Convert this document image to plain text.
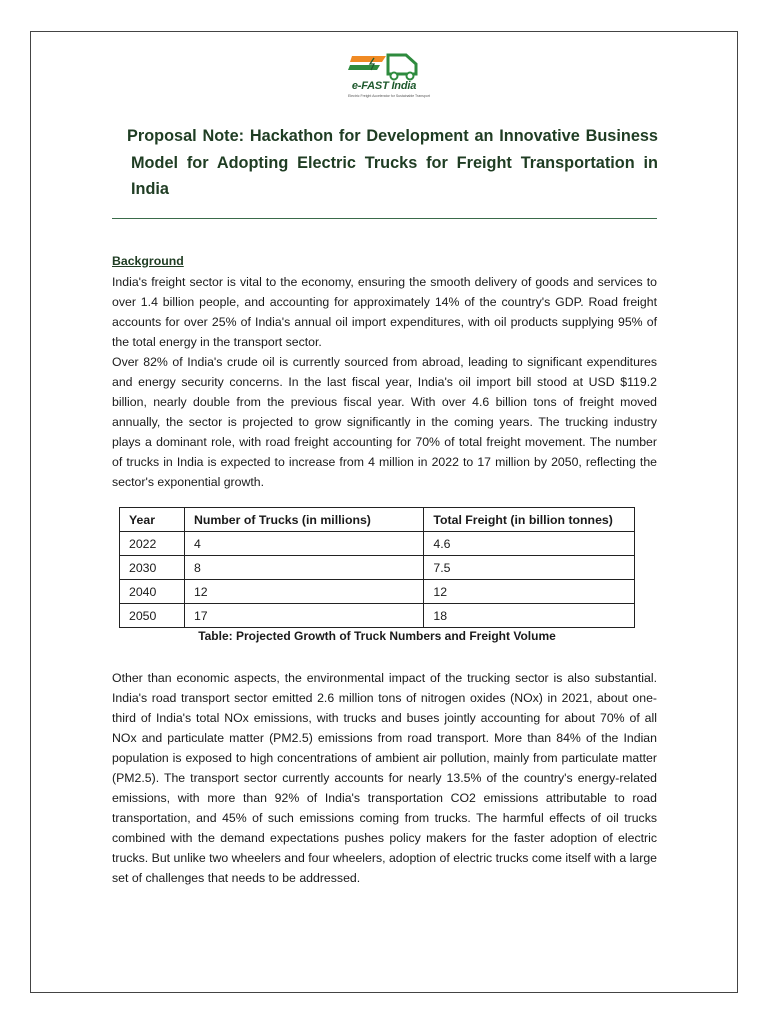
e-FAST India
Electric Freight Accelerator for Sustainable Transport
Proposal Note: Hackathon for Development an Innovative Business Model for Adopting Electric Trucks for Freight Transportation in India
Background

India's freight sector is vital to the economy, ensuring the smooth delivery of goods and services to over 1.4 billion people, and accounting for approximately 14% of the country's GDP. Road freight accounts for over 25% of India's annual oil import expenditures, with oil products supplying 95% of the total energy in the transport sector.

Over 82% of India's crude oil is currently sourced from abroad, leading to significant expenditures and energy security concerns. In the last fiscal year, India's oil import bill stood at USD $119.2 billion, nearly double from the previous fiscal year. With over 4.6 billion tons of freight moved annually, the sector is projected to grow significantly in the coming years. The trucking industry plays a dominant role, with road freight accounting for 70% of total freight movement. The number of trucks in India is expected to increase from 4 million in 2022 to 17 million by 2050, reflecting the sector's exponential growth.

Year	Number of Trucks (in millions)	Total Freight (in billion tonnes)
2022	4	4.6
2030	8	7.5
2040	12	12
2050	17	18
Table: Projected Growth of Truck Numbers and Freight Volume

Other than economic aspects, the environmental impact of the trucking sector is also substantial. India's road transport sector emitted 2.6 million tons of nitrogen oxides (NOx) in 2021, about one-third of India's total NOx emissions, with trucks and buses jointly accounting for about 70% of all NOx and particulate matter (PM2.5) emissions from road transport. More than 84% of the Indian population is exposed to high concentrations of ambient air pollution, mainly from particulate matter (PM2.5). The transport sector currently accounts for nearly 13.5% of the country's energy-related emissions, with more than 92% of India's transportation CO2 emissions attributable to road transportation, and 45% of such emissions coming from trucks. The harmful effects of oil trucks combined with the demand expectations pushes policy makers for the faster adoption of electric trucks. But unlike two wheelers and four wheelers, adoption of electric trucks come itself with a large set of challenges that needs to be addressed.
